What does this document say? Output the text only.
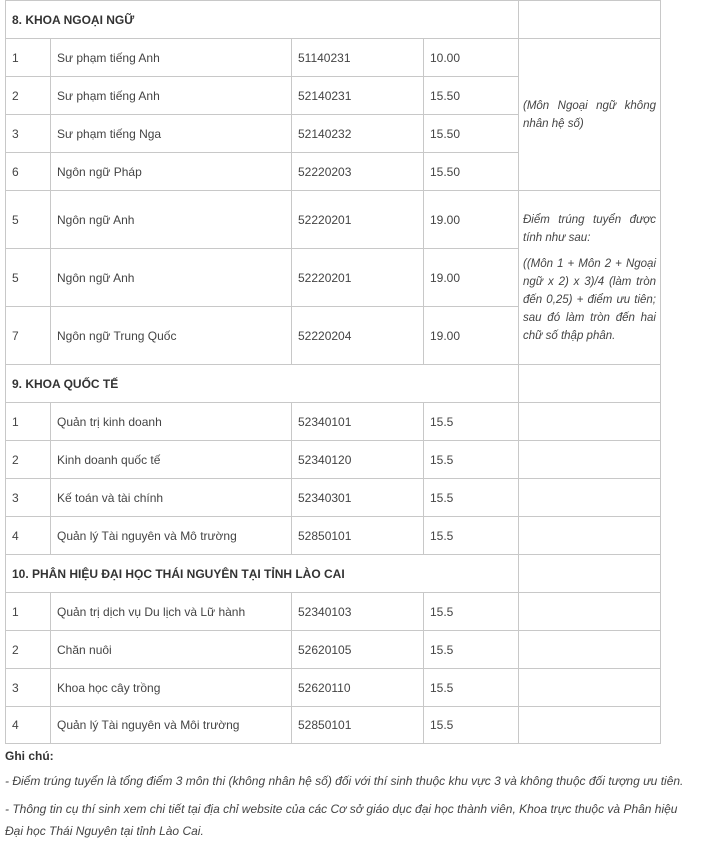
8. KHOA NGOẠI NGỮ				
1	Sư phạm tiếng Anh	51140231	10.00	(Môn Ngoại ngữ không nhân hệ số)
2	Sư phạm tiếng Anh	52140231	15.50	
3	Sư phạm tiếng Nga	52140232	15.50	
6	Ngôn ngữ Pháp	52220203	15.50	
5	Ngôn ngữ Anh	52220201	19.00	Điểm trúng tuyển được tính như sau:
((Môn 1 + Môn 2 + Ngoại ngữ x 2) x 3)/4 (làm tròn đến 0,25) + điểm ưu tiên; sau đó làm tròn đến hai chữ số thập phân.

5	Ngôn ngữ Anh	52220201	19.00	
7	Ngôn ngữ Trung Quốc	52220204	19.00	
9. KHOA QUỐC TẾ				
1	Quản trị kinh doanh	52340101	15.5	
2	Kinh doanh quốc tế	52340120	15.5	
3	Kế toán và tài chính	52340301	15.5	
4	Quản lý Tài nguyên và Mô trường	52850101	15.5	
10. PHÂN HIỆU ĐẠI HỌC THÁI NGUYÊN TẠI TỈNH LÀO CAI				
1	Quản trị dịch vụ Du lịch và Lữ hành	52340103	15.5	
2	Chăn nuôi	52620105	15.5	
3	Khoa học cây trồng	52620110	15.5	
4	Quản lý Tài nguyên và Môi trường	52850101	15.5	
Ghi chú:

- Điểm trúng tuyển là tổng điểm 3 môn thi (không nhân hệ số) đối với thí sinh thuộc khu vực 3 và không thuộc đối tượng ưu tiên.

- Thông tin cụ thí sinh xem chi tiết tại địa chỉ website của các Cơ sở giáo dục đại học thành viên, Khoa trực thuộc và Phân hiệu Đại học Thái Nguyên tại tỉnh Lào Cai.
